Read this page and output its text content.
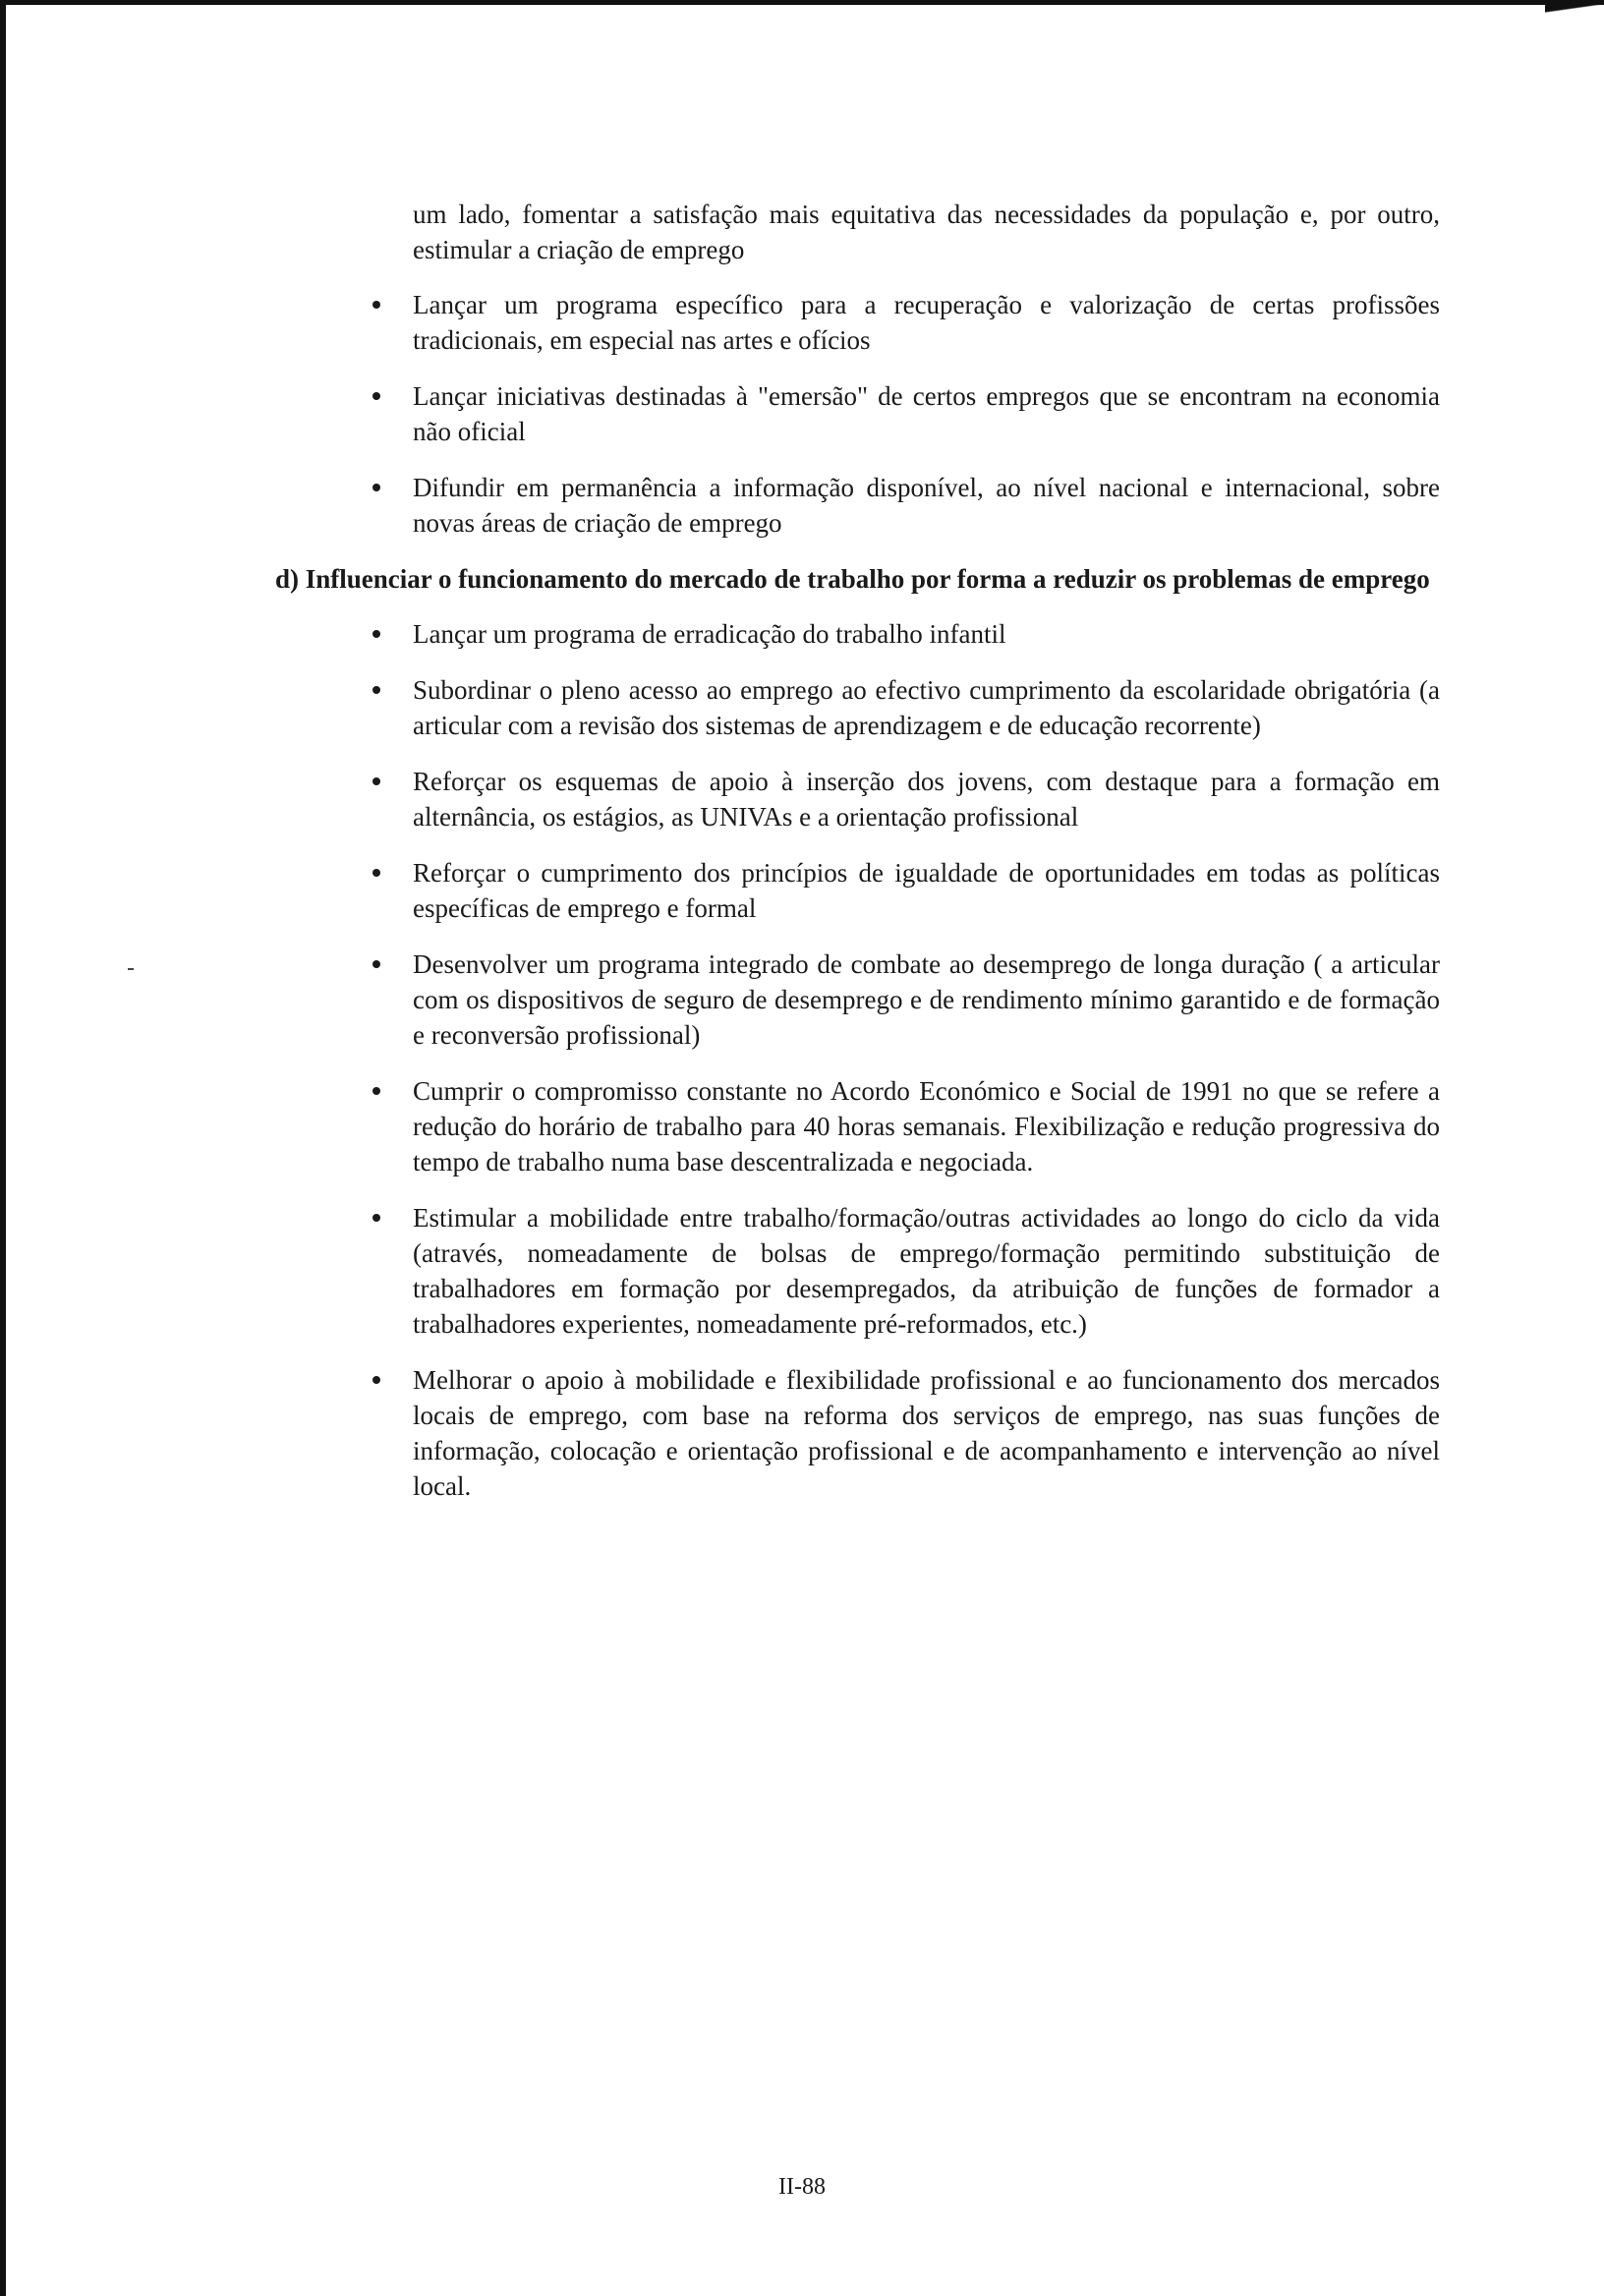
um lado, fomentar a satisfação mais equitativa das necessidades da população e, por outro, estimular a criação de emprego

Lançar um programa específico para a recuperação e valorização de certas profissões tradicionais, em especial nas artes e ofícios
Lançar iniciativas destinadas à "emersão" de certos empregos que se encontram na economia não oficial
Difundir em permanência a informação disponível, ao nível nacional e internacional, sobre novas áreas de criação de emprego

d) Influenciar o funcionamento do mercado de trabalho por forma a reduzir os problemas de emprego

Lançar um programa de erradicação do trabalho infantil
Subordinar o pleno acesso ao emprego ao efectivo cumprimento da escolaridade obrigatória (a articular com a revisão dos sistemas de aprendizagem e de educação recorrente)
Reforçar os esquemas de apoio à inserção dos jovens, com destaque para a formação em alternância, os estágios, as UNIVAs e a orientação profissional
Reforçar o cumprimento dos princípios de igualdade de oportunidades em todas as políticas específicas de emprego e formal
Desenvolver um programa integrado de combate ao desemprego de longa duração ( a articular com os dispositivos de seguro de desemprego e de rendimento mínimo garantido e de formação e reconversão profissional)
Cumprir o compromisso constante no Acordo Económico e Social de 1991 no que se refere a redução do horário de trabalho para 40 horas semanais. Flexibilização e redução progressiva do tempo de trabalho numa base descentralizada e negociada.
Estimular a mobilidade entre trabalho/formação/outras actividades ao longo do ciclo da vida (através, nomeadamente de bolsas de emprego/formação permitindo substituição de trabalhadores em formação por desempregados, da atribuição de funções de formador a trabalhadores experientes, nomeadamente pré-reformados, etc.)
Melhorar o apoio à mobilidade e flexibilidade profissional e ao funcionamento dos mercados locais de emprego, com base na reforma dos serviços de emprego, nas suas funções de informação, colocação e orientação profissional e de acompanhamento e intervenção ao nível local.
II-88
